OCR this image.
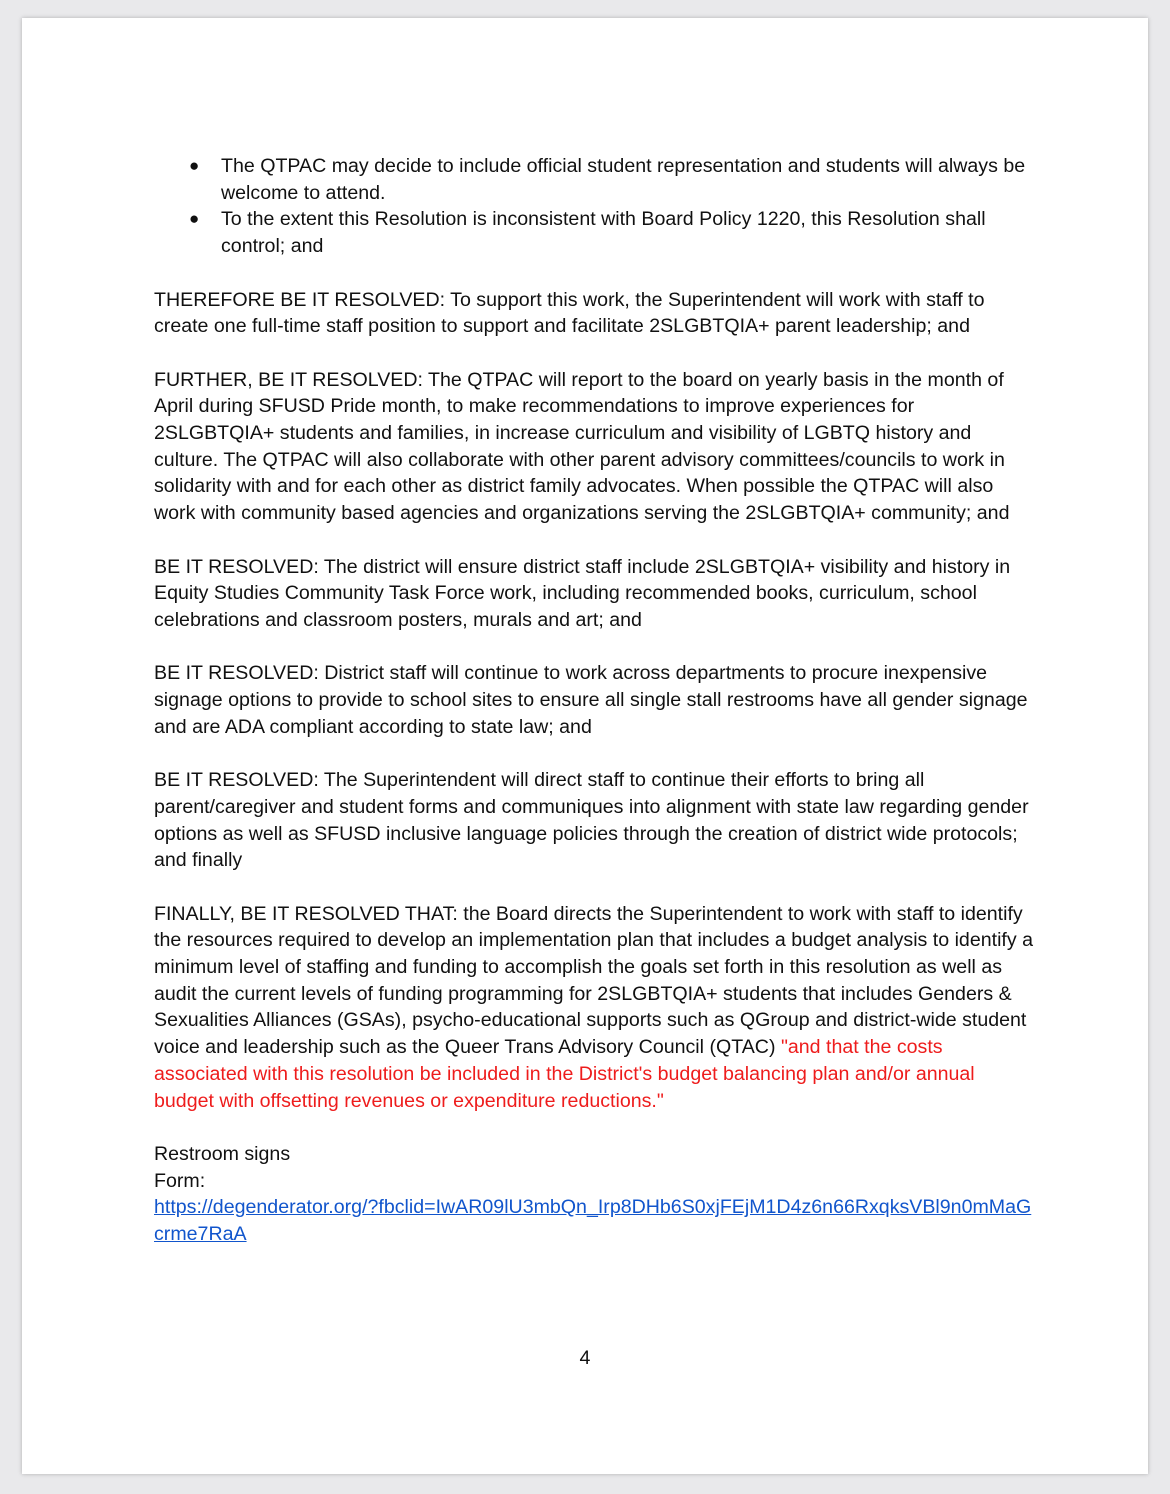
● The QTPAC may decide to include official student representation and students will always be welcome to attend.
● To the extent this Resolution is inconsistent with Board Policy 1220, this Resolution shall control; and

THEREFORE BE IT RESOLVED: To support this work, the Superintendent will work with staff to create one full-time staff position to support and facilitate 2SLGBTQIA+ parent leadership; and

FURTHER, BE IT RESOLVED: The QTPAC will report to the board on yearly basis in the month of April during SFUSD Pride month, to make recommendations to improve experiences for 2SLGBTQIA+ students and families, in increase curriculum and visibility of LGBTQ history and culture. The QTPAC will also collaborate with other parent advisory committees/councils to work in solidarity with and for each other as district family advocates. When possible the QTPAC will also work with community based agencies and organizations serving the 2SLGBTQIA+ community; and

BE IT RESOLVED: The district will ensure district staff include 2SLGBTQIA+ visibility and history in Equity Studies Community Task Force work, including recommended books, curriculum, school celebrations and classroom posters, murals and art; and

BE IT RESOLVED: District staff will continue to work across departments to procure inexpensive signage options to provide to school sites to ensure all single stall restrooms have all gender signage and are ADA compliant according to state law; and

BE IT RESOLVED: The Superintendent will direct staff to continue their efforts to bring all parent/caregiver and student forms and communiques into alignment with state law regarding gender options as well as SFUSD inclusive language policies through the creation of district wide protocols; and finally

FINALLY, BE IT RESOLVED THAT: the Board directs the Superintendent to work with staff to identify the resources required to develop an implementation plan that includes a budget analysis to identify a minimum level of staffing and funding to accomplish the goals set forth in this resolution as well as audit the current levels of funding programming for 2SLGBTQIA+ students that includes Genders & Sexualities Alliances (GSAs), psycho-educational supports such as QGroup and district-wide student voice and leadership such as the Queer Trans Advisory Council (QTAC) "and that the costs associated with this resolution be included in the District's budget balancing plan and/or annual budget with offsetting revenues or expenditure reductions."

Restroom signs
Form:
https://degenderator.org/?fbclid=IwAR09lU3mbQn_Irp8DHb6S0xjFEjM1D4z6n66RxqksVBl9n0mMaGcrme7RaA
4
